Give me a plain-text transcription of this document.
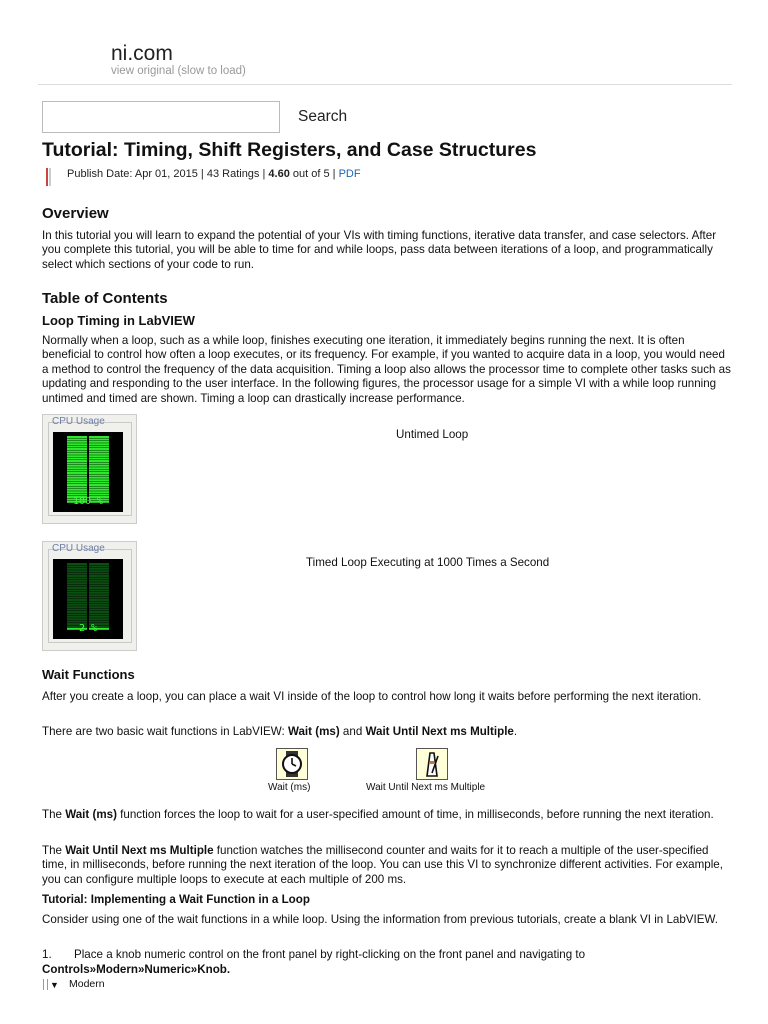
ni.com
view original (slow to load)
Search
Tutorial: Timing, Shift Registers, and Case Structures
Publish Date: Apr 01, 2015 | 43 Ratings | 4.60 out of 5 | PDF
Overview

In this tutorial you will learn to expand the potential of your VIs with timing functions, iterative data transfer, and case selectors. After you complete this tutorial, you will be able to time for and while loops, pass data between iterations of a loop, and programmatically select which sections of your code to run.

Table of Contents
Loop Timing in LabVIEW

Normally when a loop, such as a while loop, finishes executing one iteration, it immediately begins running the next. It is often beneficial to control how often a loop executes, or its frequency. For example, if you wanted to acquire data in a loop, you would need a method to control the frequency of the data acquisition. Timing a loop also allows the processor time to complete other tasks such as updating and responding to the user interface. In the following figures, the processor usage for a simple VI with a while loop running untimed and timed are shown. Timing a loop can drastically increase performance.

CPU Usage
100 %
Untimed Loop
CPU Usage
2 %
Timed Loop Executing at 1000 Times a Second
Wait Functions

After you create a loop, you can place a wait VI inside of the loop to control how long it waits before performing the next iteration.

There are two basic wait functions in LabVIEW: Wait (ms) and Wait Until Next ms Multiple.

Wait (ms)	Wait Until Next ms Multiple

The Wait (ms) function forces the loop to wait for a user-specified amount of time, in milliseconds, before running the next iteration.

The Wait Until Next ms Multiple function watches the millisecond counter and waits for it to reach a multiple of the user-specified time, in milliseconds, before running the next iteration of the loop. You can use this VI to synchronize different activities. For example, you can configure multiple loops to execute at each multiple of 200 ms.

Tutorial: Implementing a Wait Function in a Loop

Consider using one of the wait functions in a while loop. Using the information from previous tutorials, create a blank VI in LabVIEW.

1. Place a knob numeric control on the front panel by right-clicking on the front panel and navigating to

Controls»Modern»Numeric»Knob.

▼ Modern
